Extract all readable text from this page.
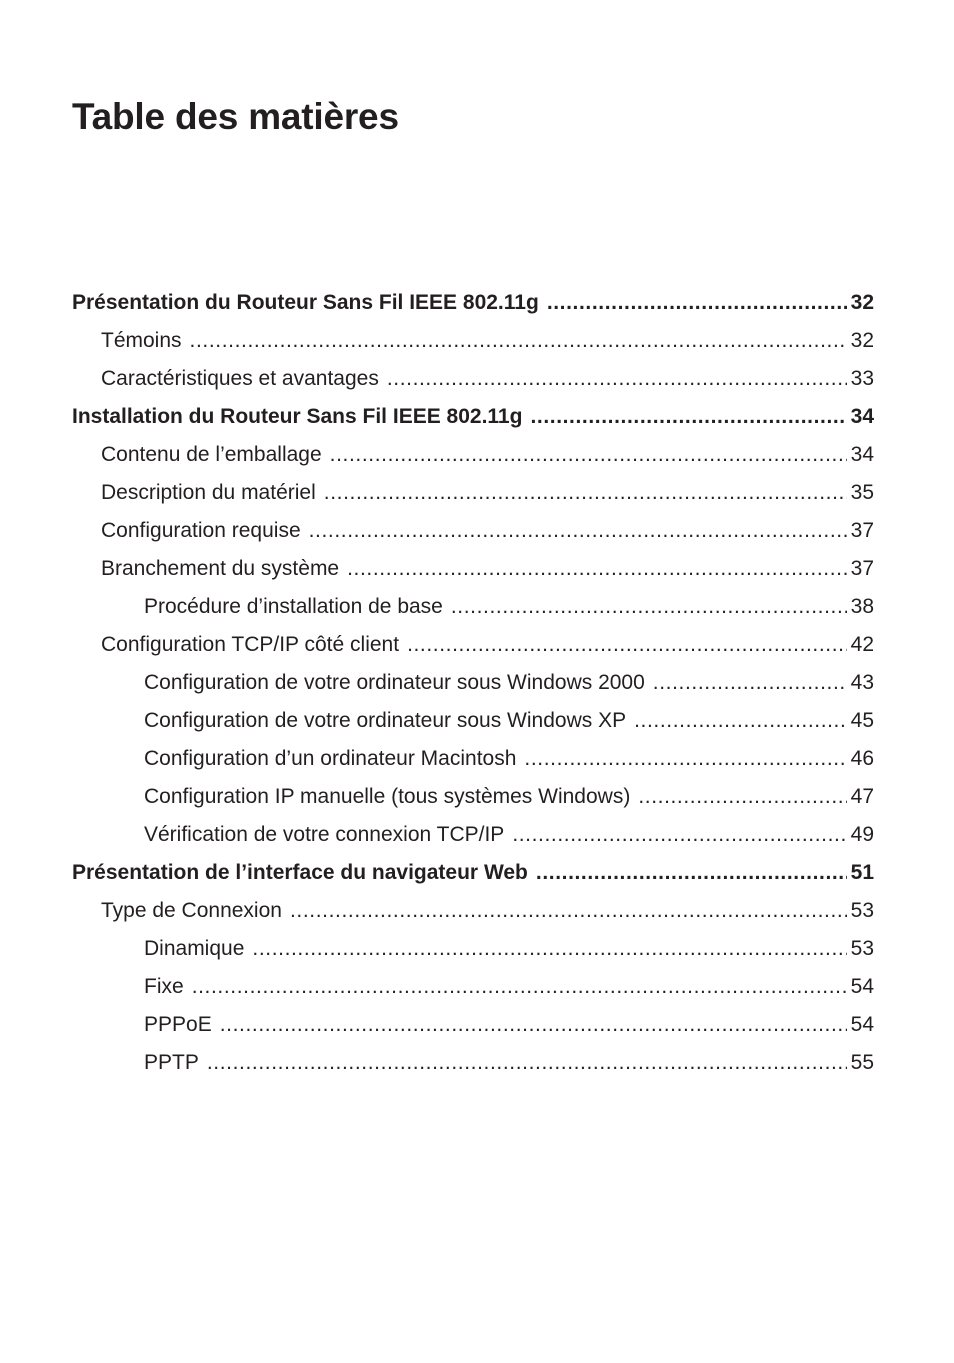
Table des matières
Présentation du Routeur Sans Fil IEEE 802.11g .....	32
Témoins .....	32
Caractéristiques et avantages .....	33
Installation du Routeur Sans Fil IEEE 802.11g .....	34
Contenu de l’emballage .....	34
Description du matériel .....	35
Configuration requise .....	37
Branchement du système .....	37
Procédure d’installation de base .....	38
Configuration TCP/IP côté client .....	42
Configuration de votre ordinateur sous Windows 2000 .....	43
Configuration de votre ordinateur sous Windows XP .....	45
Configuration d’un ordinateur Macintosh .....	46
Configuration IP manuelle (tous systèmes Windows) .....	47
Vérification de votre connexion TCP/IP .....	49
Présentation de l’interface du navigateur Web .....	51
Type de Connexion .....	53
Dinamique .....	53
Fixe .....	54
PPPoE .....	54
PPTP .....	55
